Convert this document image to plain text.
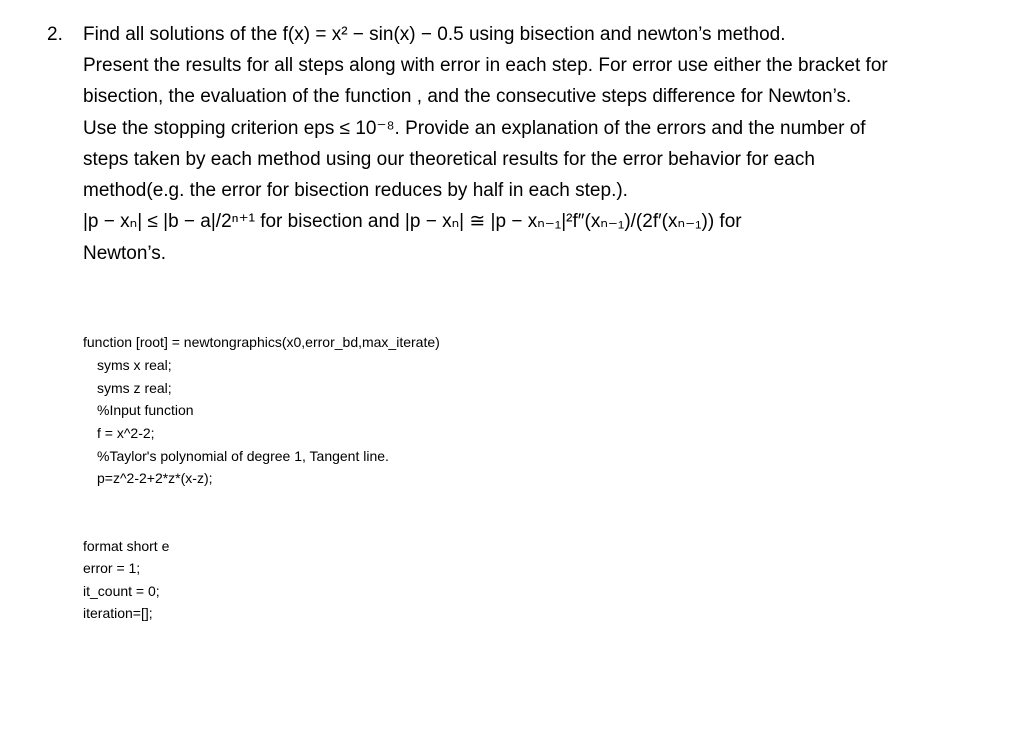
2. Find all solutions of the f(x) = x² − sin(x) − 0.5 using bisection and newton’s method.
Present the results for all steps along with error in each step. For error use either the bracket for
bisection, the evaluation of the function , and the consecutive steps difference for Newton’s.
Use the stopping criterion eps ≤ 10⁻⁸. Provide an explanation of the errors and the number of
steps taken by each method using our theoretical results for the error behavior for each
method(e.g. the error for bisection reduces by half in each step.).
|p − xₙ| ≤ |b − a|/2ⁿ⁺¹ for bisection and |p − xₙ| ≅ |p − xₙ₋₁|²f″(xₙ₋₁)/(2f′(xₙ₋₁)) for
Newton’s.
function [root] = newtongraphics(x0,error_bd,max_iterate)
syms x real;
syms z real;
%Input function
f = x^2-2;
%Taylor's polynomial of degree 1, Tangent line.
p=z^2-2+2*z*(x-z);
format short e
error = 1;
it_count = 0;
iteration=[];
